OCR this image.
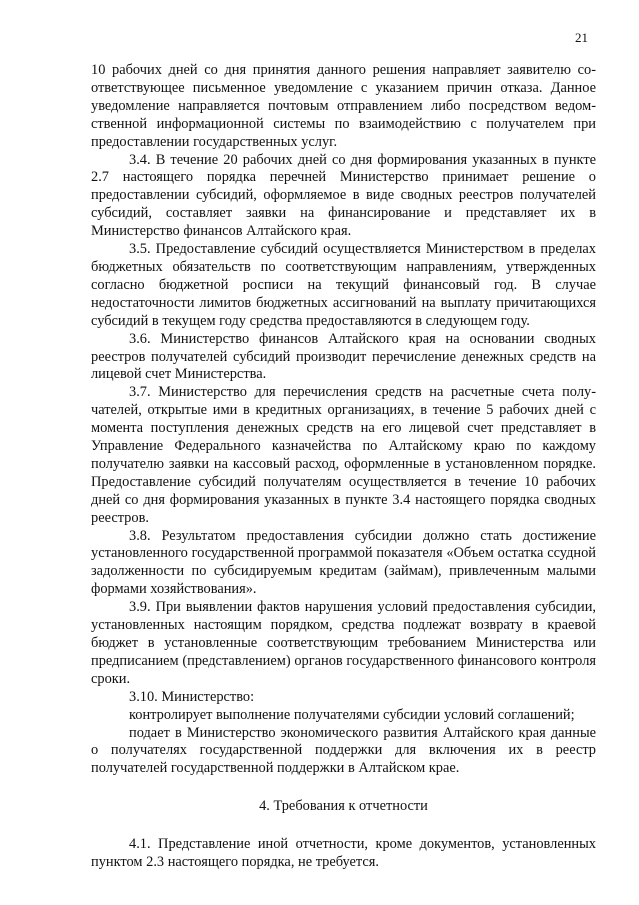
21

10 рабочих дней со дня принятия данного решения направляет заявителю соответствующее письменное уведомление с указанием причин отказа. Данное уведомление направляется почтовым отправлением либо посредством ведомственной информационной системы по взаимодействию с получателем при предоставлении государственных услуг.

3.4. В течение 20 рабочих дней со дня формирования указанных в пункте 2.7 настоящего порядка перечней Министерство принимает решение о предоставлении субсидий, оформляемое в виде сводных реестров получателей субсидий, составляет заявки на финансирование и представляет их в Министерство финансов Алтайского края.

3.5. Предоставление субсидий осуществляется Министерством в пределах бюджетных обязательств по соответствующим направлениям, утвержденных согласно бюджетной росписи на текущий финансовый год. В случае недостаточности лимитов бюджетных ассигнований на выплату причитающихся субсидий в текущем году средства предоставляются в следующем году.

3.6. Министерство финансов Алтайского края на основании сводных реестров получателей субсидий производит перечисление денежных средств на лицевой счет Министерства.

3.7. Министерство для перечисления средств на расчетные счета получателей, открытые ими в кредитных организациях, в течение 5 рабочих дней с момента поступления денежных средств на его лицевой счет представляет в Управление Федерального казначейства по Алтайскому краю по каждому получателю заявки на кассовый расход, оформленные в установленном порядке. Предоставление субсидий получателям осуществляется в течение 10 рабочих дней со дня формирования указанных в пункте 3.4 настоящего порядка сводных реестров.

3.8. Результатом предоставления субсидии должно стать достижение установленного государственной программой показателя «Объем остатка ссудной задолженности по субсидируемым кредитам (займам), привлеченным малыми формами хозяйствования».

3.9. При выявлении фактов нарушения условий предоставления субсидии, установленных настоящим порядком, средства подлежат возврату в краевой бюджет в установленные соответствующим требованием Министерства или предписанием (представлением) органов государственного финансового контроля сроки.

3.10. Министерство:

контролирует выполнение получателями субсидии условий соглашений;

подает в Министерство экономического развития Алтайского края данные о получателях государственной поддержки для включения их в реестр получателей государственной поддержки в Алтайском крае.

4. Требования к отчетности

4.1. Представление иной отчетности, кроме документов, установленных пунктом 2.3 настоящего порядка, не требуется.
